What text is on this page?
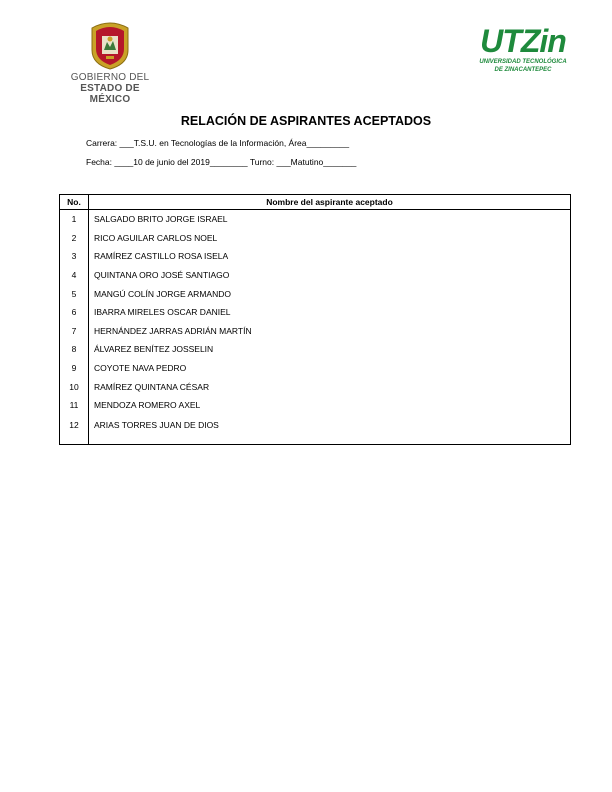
GOBIERNO DEL
ESTADO DE MÉXICO
UTZin
UNIVERSIDAD TECNOLÓGICA
DE ZINACANTEPEC
RELACIÓN DE ASPIRANTES ACEPTADOS
Carrera: ___T.S.U. en Tecnologías de la Información, Área_________
Fecha: ____10 de junio del 2019________ Turno: ___Matutino_______
No.	Nombre del aspirante aceptado
1	SALGADO BRITO JORGE ISRAEL
2	RICO AGUILAR CARLOS NOEL
3	RAMÍREZ CASTILLO ROSA ISELA
4	QUINTANA ORO JOSÉ SANTIAGO
5	MANGÚ COLÍN JORGE ARMANDO
6	IBARRA MIRELES OSCAR DANIEL
7	HERNÁNDEZ JARRAS ADRIÁN MARTÍN
8	ÁLVAREZ BENÍTEZ JOSSELIN
9	COYOTE NAVA PEDRO
10	RAMÍREZ QUINTANA CÉSAR
11	MENDOZA ROMERO AXEL
12	ARIAS TORRES JUAN DE DIOS
